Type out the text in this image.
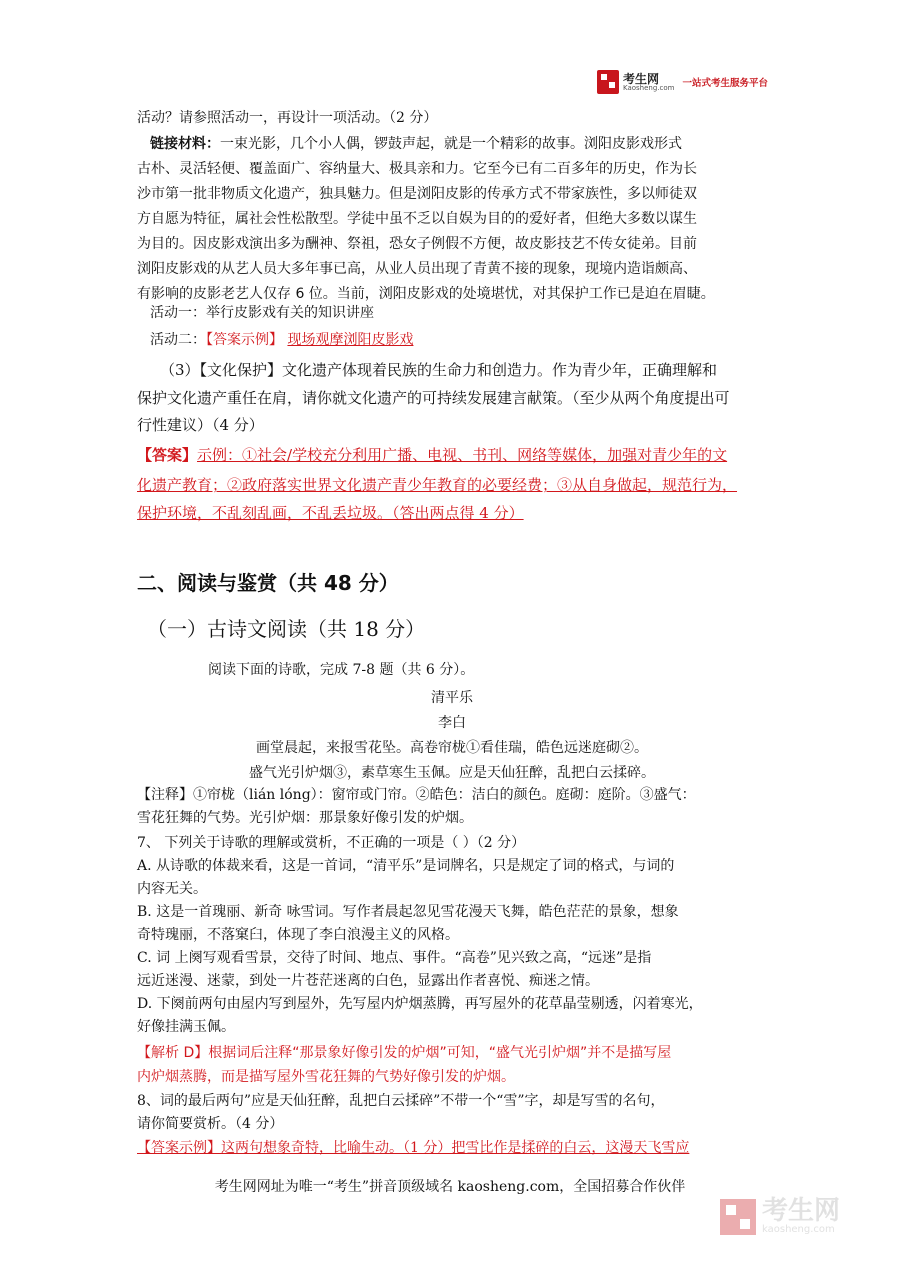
考生网
Kaosheng.com 一站式考生服务平台
活动？请参照活动一，再设计一项活动。（2 分）
链接材料：一束光影，几个小人偶，锣鼓声起，就是一个精彩的故事。浏阳皮影戏形式
古朴、灵活轻便、覆盖面广、容纳量大、极具亲和力。它至今已有二百多年的历史，作为长
沙市第一批非物质文化遗产，独具魅力。但是浏阳皮影的传承方式不带家族性，多以师徒双
方自愿为特征，属社会性松散型。学徒中虽不乏以自娱为目的的爱好者，但绝大多数以谋生
为目的。因皮影戏演出多为酬神、祭祖，恐女子例假不方便，故皮影技艺不传女徒弟。目前
浏阳皮影戏的从艺人员大多年事已高，从业人员出现了青黄不接的现象，现境内造诣颇高、
有影响的皮影老艺人仅存 6 位。当前，浏阳皮影戏的处境堪忧，对其保护工作已是迫在眉睫。
活动一：举行皮影戏有关的知识讲座
活动二：【答案示例】 现场观摩浏阳皮影戏
（3）【文化保护】文化遗产体现着民族的生命力和创造力。作为青少年，正确理解和
保护文化遗产重任在肩，请你就文化遗产的可持续发展建言献策。（至少从两个角度提出可
行性建议）（4 分）
【答案】示例：①社会/学校充分利用广播、电视、书刊、网络等媒体，加强对青少年的文
化遗产教育；②政府落实世界文化遗产青少年教育的必要经费；③从自身做起，规范行为，
保护环境，不乱刻乱画，不乱丢垃圾。（答出两点得 4 分）
二、阅读与鉴赏（共 48 分）
（一）古诗文阅读（共 18 分）
阅读下面的诗歌，完成 7-8 题（共 6 分）。
清平乐
李白
画堂晨起，来报雪花坠。高卷帘栊①看佳瑞，皓色远迷庭砌②。
盛气光引炉烟③，素草寒生玉佩。应是天仙狂醉，乱把白云揉碎。
【注释】①帘栊（lián lóng）：窗帘或门帘。②皓色：洁白的颜色。庭砌：庭阶。③盛气：
雪花狂舞的气势。光引炉烟：那景象好像引发的炉烟。
7、 下列关于诗歌的理解或赏析，不正确的一项是（ ）（2 分）
A. 从诗歌的体裁来看，这是一首词，“清平乐”是词牌名，只是规定了词的格式，与词的
内容无关。
B. 这是一首瑰丽、新奇 咏雪词。写作者晨起忽见雪花漫天飞舞，皓色茫茫的景象，想象
奇特瑰丽，不落窠臼，体现了李白浪漫主义的风格。
C. 词 上阕写观看雪景，交待了时间、地点、事件。“高卷”见兴致之高，“远迷”是指
远近迷漫、迷蒙，到处一片苍茫迷离的白色，显露出作者喜悦、痴迷之情。
D. 下阕前两句由屋内写到屋外，先写屋内炉烟蒸腾，再写屋外的花草晶莹剔透，闪着寒光，
好像挂满玉佩。
【解析 D】根据词后注释“那景象好像引发的炉烟”可知，“盛气光引炉烟”并不是描写屋
内炉烟蒸腾，而是描写屋外雪花狂舞的气势好像引发的炉烟。
8、词的最后两句”应是天仙狂醉，乱把白云揉碎”不带一个“雪”字，却是写雪的名句，
请你简要赏析。（4 分）
【答案示例】这两句想象奇特，比喻生动。（1 分）把雪比作是揉碎的白云，这漫天飞雪应
考生网网址为唯一“考生”拼音顶级域名 kaosheng.com，全国招募合作伙伴
考生网
kaosheng.com
